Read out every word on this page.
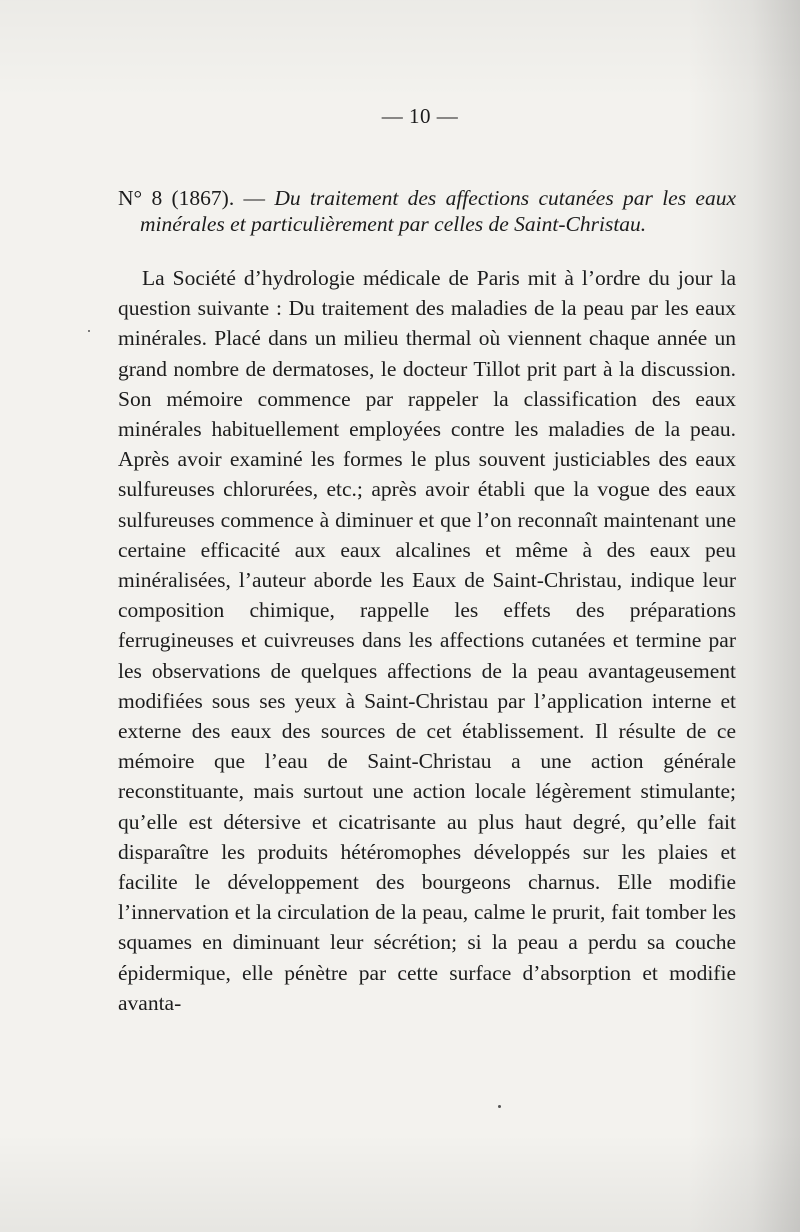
— 10 —

N° 8 (1867). — Du traitement des affections cutanées par les eaux minérales et particulièrement par celles de Saint-Christau.

La Société d’hydrologie médicale de Paris mit à l’ordre du jour la question suivante : Du traitement des maladies de la peau par les eaux minérales. Placé dans un milieu thermal où viennent chaque année un grand nombre de dermatoses, le docteur Tillot prit part à la discussion. Son mémoire commence par rappeler la classification des eaux minérales habituellement employées contre les maladies de la peau. Après avoir examiné les formes le plus souvent justiciables des eaux sulfureuses chlorurées, etc.; après avoir établi que la vogue des eaux sulfureuses commence à diminuer et que l’on reconnaît maintenant une certaine efficacité aux eaux alcalines et même à des eaux peu minéralisées, l’auteur aborde les Eaux de Saint-Christau, indique leur composition chimique, rappelle les effets des préparations ferrugineuses et cuivreuses dans les affections cutanées et termine par les observations de quelques affections de la peau avantageusement modifiées sous ses yeux à Saint-Christau par l’application interne et externe des eaux des sources de cet établissement. Il résulte de ce mémoire que l’eau de Saint-Christau a une action générale reconstituante, mais surtout une action locale légèrement stimulante; qu’elle est détersive et cicatrisante au plus haut degré, qu’elle fait disparaître les produits hétéromophes développés sur les plaies et facilite le développement des bourgeons charnus. Elle modifie l’innervation et la circulation de la peau, calme le prurit, fait tomber les squames en diminuant leur sécrétion; si la peau a perdu sa couche épidermique, elle pénètre par cette surface d’absorption et modifie avanta-
